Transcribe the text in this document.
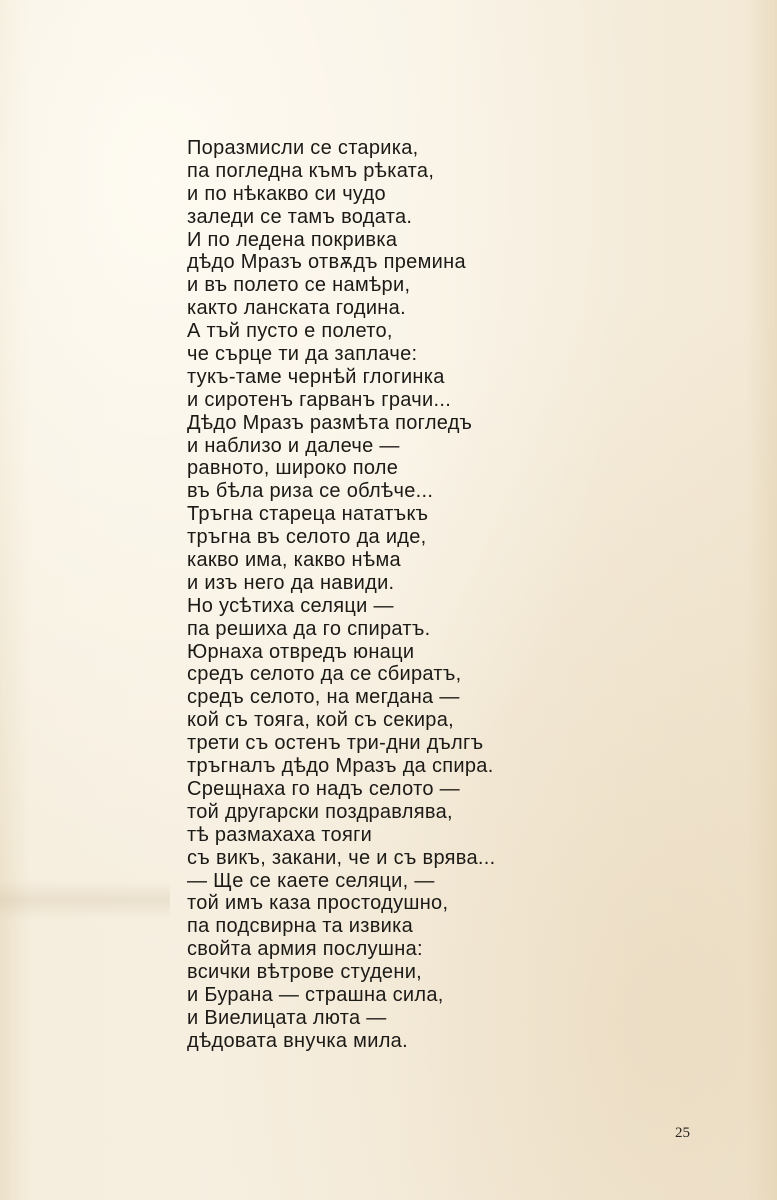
Поразмисли се старика,
па погледна къмъ рѣката,
и по нѣкакво си чудо
заледи се тамъ водата.
И по ледена покривка
дѣдо Мразъ отвѫдъ премина
и въ полето се намѣри,
както ланската година.
А тъй пусто е полето,
че сърце ти да заплаче:
тукъ-таме чернѣй глогинка
и сиротенъ гарванъ грачи...
Дѣдо Мразъ размѣта погледъ
и наблизо и далече —
равното, широко поле
въ бѣла риза се облѣче...
Тръгна стареца нататъкъ
тръгна въ селото да иде,
какво има, какво нѣма
и изъ него да навиди.
Но усѣтиха селяци —
па решиха да го спиратъ.
Юрнаха отвредъ юнаци
средъ селото да се сбиратъ,
средъ селото, на мегдана —
кой съ тояга, кой съ секира,
трети съ остенъ три-дни дългъ
тръгналъ дѣдо Мразъ да спира.
Срещнаха го надъ селото —
той другарски поздравлява,
тѣ размахаха тояги
съ викъ, закани, че и съ врява...
— Ще се каете селяци, —
той имъ каза простодушно,
па подсвирна та извика
свойта армия послушна:
всички вѣтрове студени,
и Бурана — страшна сила,
и Виелицата люта —
дѣдовата внучка мила.
25
